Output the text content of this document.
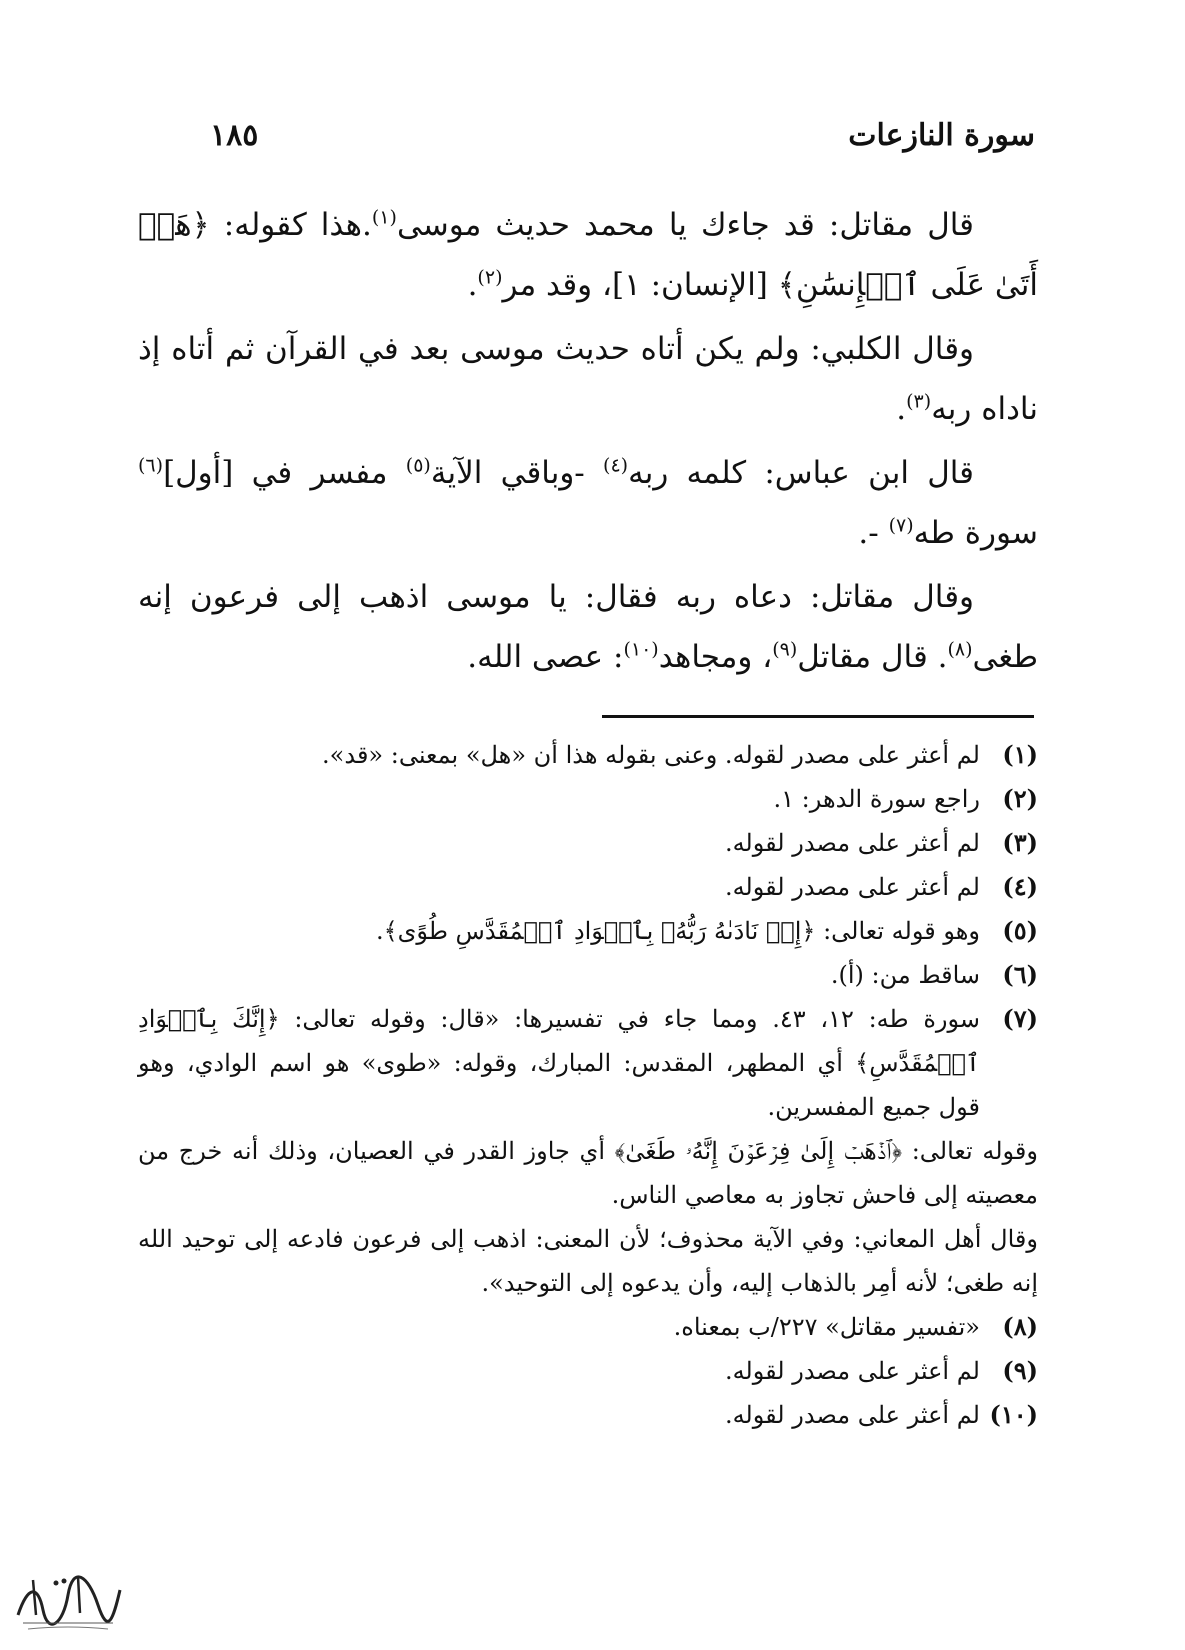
سورة النازعات
١٨٥

قال مقاتل: قد جاءك يا محمد حديث موسى$^{(١)}$.هذا كقوله: ﴿هَلۡ أَتَىٰ عَلَى ٱلۡإِنسَٰنِ﴾ [الإنسان: ١]، وقد مر$^{(٢)}$.

وقال الكلبي: ولم يكن أتاه حديث موسى بعد في القرآن ثم أتاه إذ ناداه ربه$^{(٣)}$.

قال ابن عباس: كلمه ربه$^{(٤)}$ -وباقي الآية$^{(٥)}$ مفسر في [أول]$^{(٦)}$ سورة طه$^{(٧)}$ -.

وقال مقاتل: دعاه ربه فقال: يا موسى اذهب إلى فرعون إنه طغى$^{(٨)}$. قال مقاتل$^{(٩)}$، ومجاهد$^{(١٠)}$: عصى الله.

(١)
لم أعثر على مصدر لقوله. وعنى بقوله هذا أن «هل» بمعنى: «قد».
(٢)
راجع سورة الدهر: ١.
(٣)
لم أعثر على مصدر لقوله.
(٤)
لم أعثر على مصدر لقوله.
(٥)
وهو قوله تعالى: ﴿إِذۡ نَادَىٰهُ رَبُّهُۥ بِٱلۡوَادِ ٱلۡمُقَدَّسِ طُوًى﴾.
(٦)
ساقط من: (أ).
(٧)
سورة طه: ١٢، ٤٣. ومما جاء في تفسيرها: «قال: وقوله تعالى: ﴿إِنَّكَ بِٱلۡوَادِ ٱلۡمُقَدَّسِ﴾ أي المطهر، المقدس: المبارك، وقوله: «طوى» هو اسم الوادي، وهو قول جميع المفسرين.
وقوله تعالى: ﴿ٱذۡهَبۡ إِلَىٰ فِرۡعَوۡنَ إِنَّهُۥ طَغَىٰ﴾ أي جاوز القدر في العصيان، وذلك أنه خرج من معصيته إلى فاحش تجاوز به معاصي الناس.
وقال أهل المعاني: وفي الآية محذوف؛ لأن المعنى: اذهب إلى فرعون فادعه إلى توحيد الله إنه طغى؛ لأنه أمِر بالذهاب إليه، وأن يدعوه إلى التوحيد».
(٨)
«تفسير مقاتل» ٢٢٧/ب بمعناه.
(٩)
لم أعثر على مصدر لقوله.
(١٠)
لم أعثر على مصدر لقوله.
